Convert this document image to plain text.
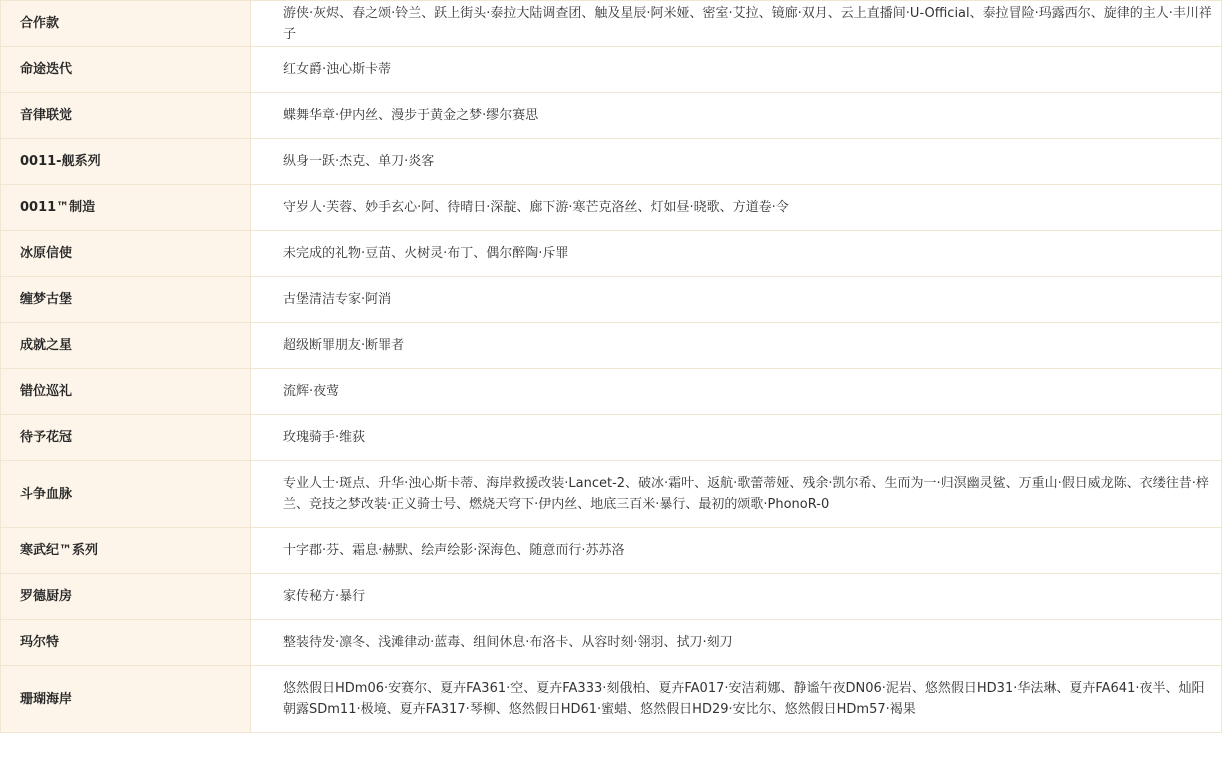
合作款	游侠·灰烬、春之颂·铃兰、跃上街头·泰拉大陆调查团、触及星辰·阿米娅、密室·艾拉、镜廊·双月、云上直播间·U-Official、泰拉冒险·玛露西尔、旋律的主人·丰川祥子
命途迭代	红女爵·浊心斯卡蒂
音律联觉	蝶舞华章·伊内丝、漫步于黄金之梦·缪尔赛思
0011-舰系列	纵身一跃·杰克、单刀·炎客
0011™制造	守岁人·芙蓉、妙手玄心·阿、待晴日·深靛、廊下游·寒芒克洛丝、灯如昼·晓歌、方道卷·令
冰原信使	未完成的礼物·豆苗、火树灵·布丁、偶尔醉陶·斥罪
缠梦古堡	古堡清洁专家·阿消
成就之星	超级断罪朋友·断罪者
错位巡礼	流辉·夜莺
待予花冠	玫瑰骑手·维荻
斗争血脉	专业人士·斑点、升华·浊心斯卡蒂、海岸救援改装·Lancet-2、破冰·霜叶、返航·歌蕾蒂娅、残余·凯尔希、生而为一·归溟幽灵鲨、万重山·假日威龙陈、衣缕往昔·梓兰、竞技之梦改装·正义骑士号、燃烧天穹下·伊内丝、地底三百米·暴行、最初的颂歌·PhonoR-0
寒武纪™系列	十字郡·芬、霜息·赫默、绘声绘影·深海色、随意而行·苏苏洛
罗德厨房	家传秘方·暴行
玛尔特	整装待发·凛冬、浅滩律动·蓝毒、组间休息·布洛卡、从容时刻·翎羽、拭刀·刻刀
珊瑚海岸	悠然假日HDm06·安赛尔、夏卉FA361·空、夏卉FA333·刻俄柏、夏卉FA017·安洁莉娜、静谧午夜DN06·泥岩、悠然假日HD31·华法琳、夏卉FA641·夜半、灿阳朝露SDm11·极境、夏卉FA317·琴柳、悠然假日HD61·蜜蜡、悠然假日HD29·安比尔、悠然假日HDm57·褐果
